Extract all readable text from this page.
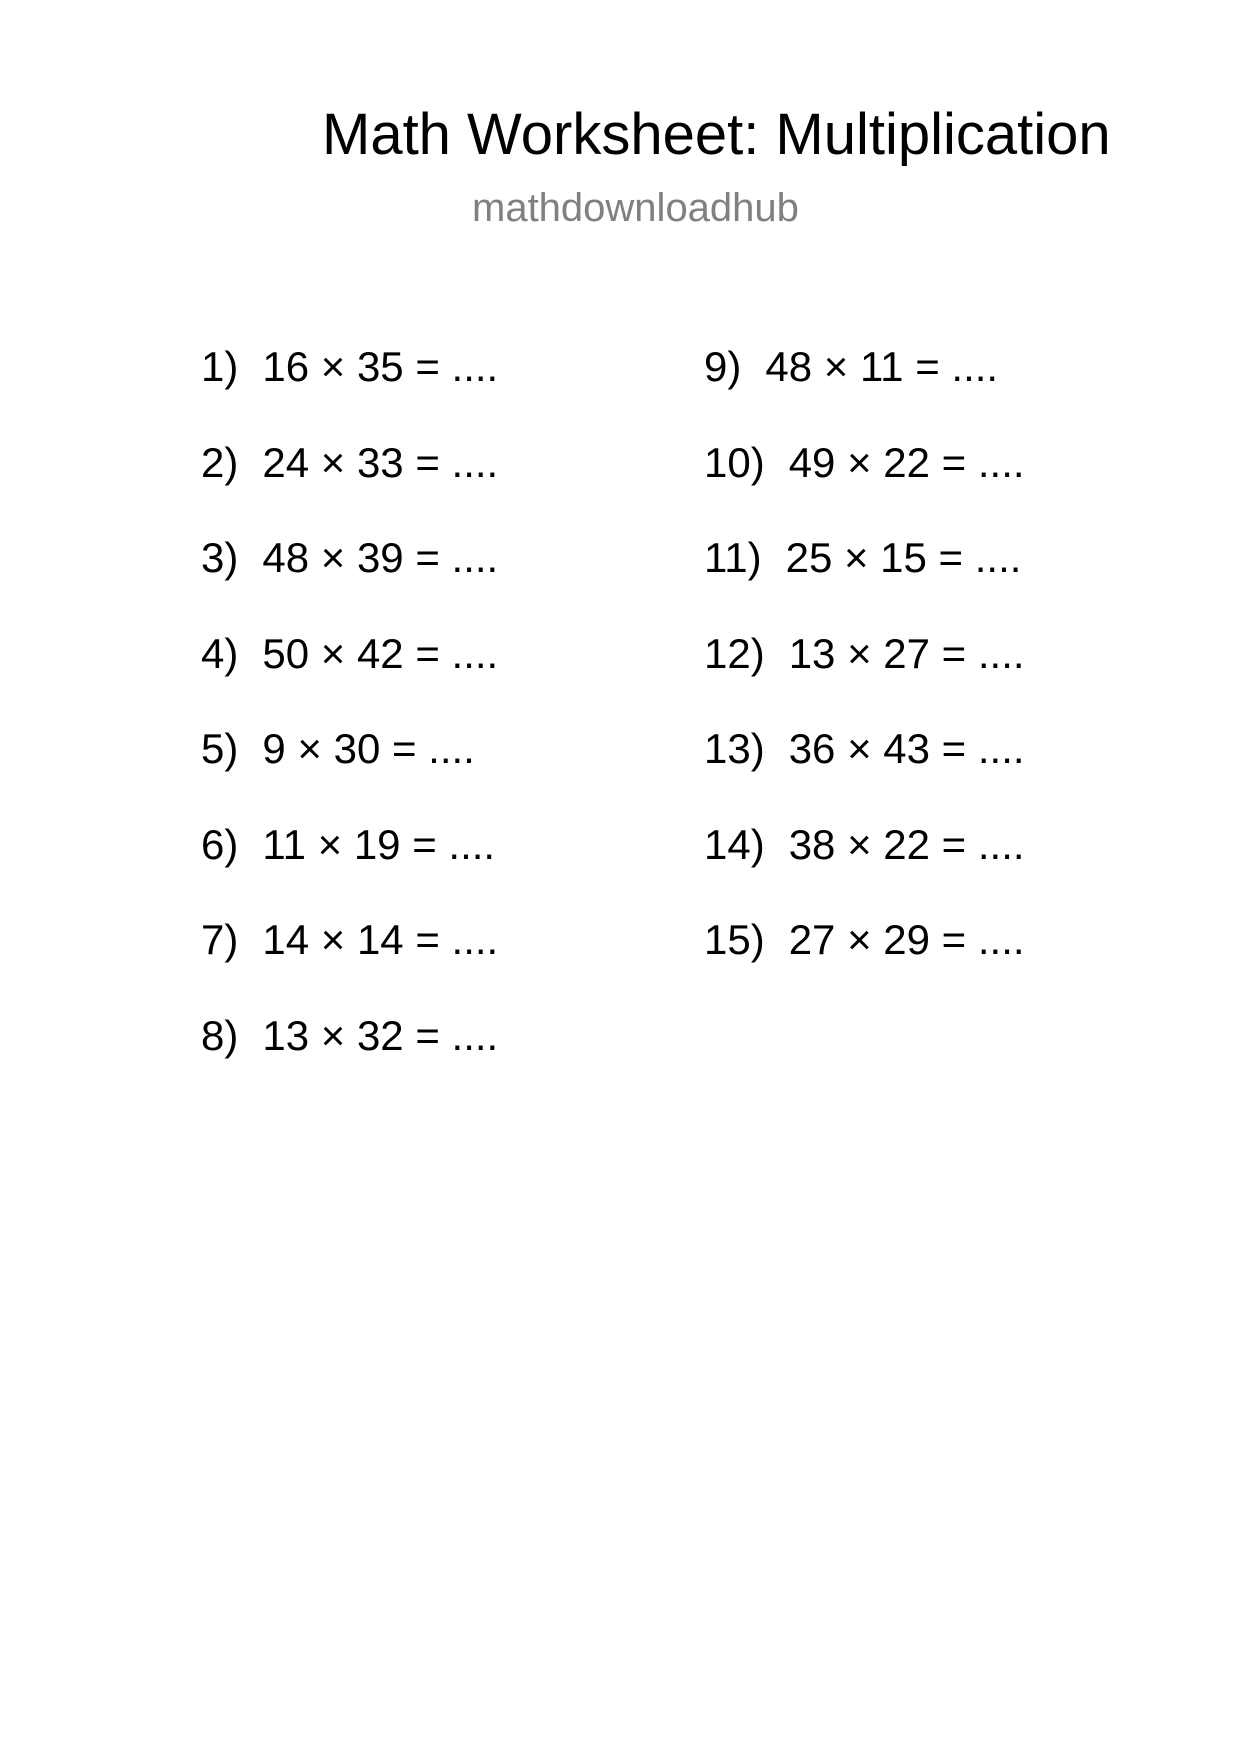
Math Worksheet: Multiplication
mathdownloadhub
1) 16 × 35 = ....
2) 24 × 33 = ....
3) 48 × 39 = ....
4) 50 × 42 = ....
5) 9 × 30 = ....
6) 11 × 19 = ....
7) 14 × 14 = ....
8) 13 × 32 = ....
9) 48 × 11 = ....
10) 49 × 22 = ....
11) 25 × 15 = ....
12) 13 × 27 = ....
13) 36 × 43 = ....
14) 38 × 22 = ....
15) 27 × 29 = ....
